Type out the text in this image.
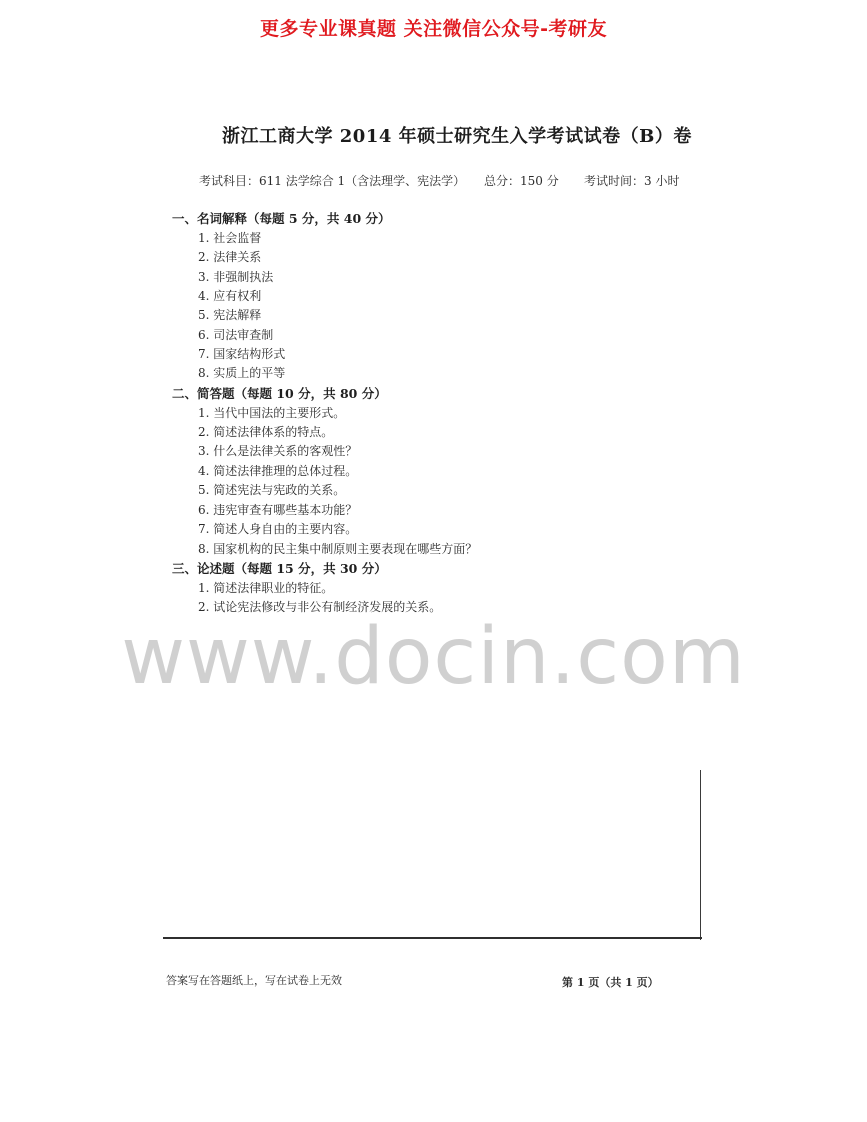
更多专业课真题 关注微信公众号-考研友
浙江工商大学 2014 年硕士研究生入学考试试卷（B）卷
考试科目：611 法学综合 1（含法理学、宪法学） 总分：150 分 考试时间：3 小时
一、名词解释（每题 5 分，共 40 分）
1. 社会监督
2. 法律关系
3. 非强制执法
4. 应有权利
5. 宪法解释
6. 司法审查制
7. 国家结构形式
8. 实质上的平等
二、简答题（每题 10 分，共 80 分）
1. 当代中国法的主要形式。
2. 简述法律体系的特点。
3. 什么是法律关系的客观性？
4. 简述法律推理的总体过程。
5. 简述宪法与宪政的关系。
6. 违宪审查有哪些基本功能？
7. 简述人身自由的主要内容。
8. 国家机构的民主集中制原则主要表现在哪些方面？
三、论述题（每题 15 分，共 30 分）
1. 简述法律职业的特征。
2. 试论宪法修改与非公有制经济发展的关系。
www.docin.com
答案写在答题纸上，写在试卷上无效	第 1 页（共 1 页）
